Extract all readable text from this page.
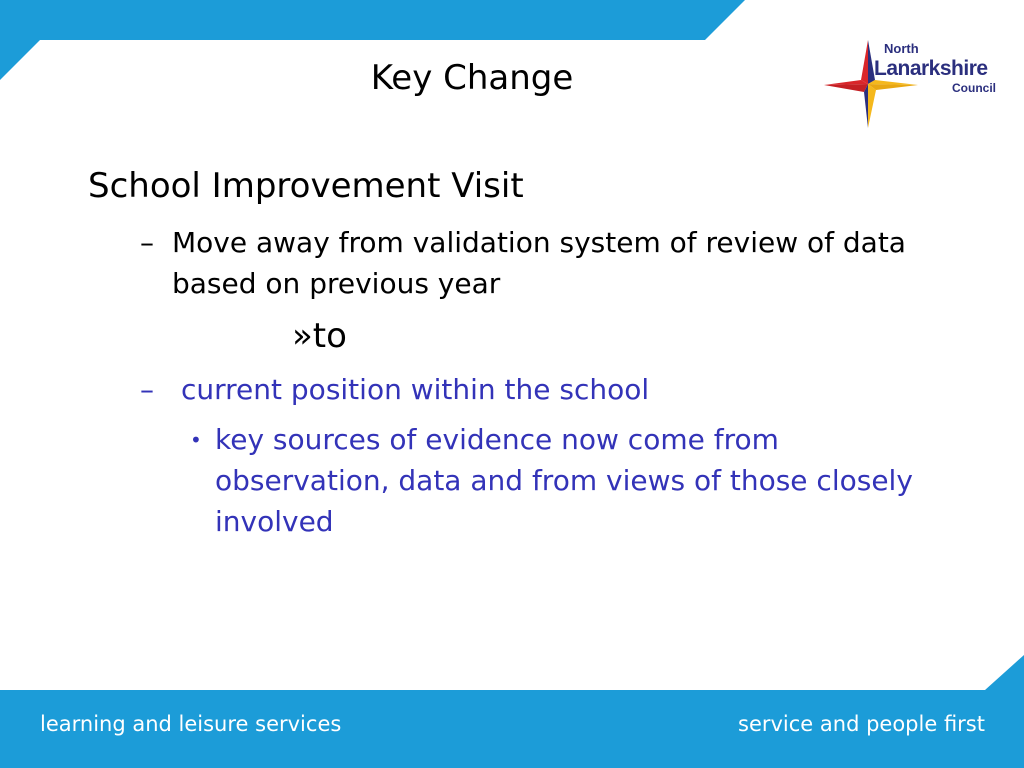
North
Lanarkshire
Council
Key Change
School Improvement Visit
– Move away from validation system of review of data based on previous year
»to
– current position within the school
• key sources of evidence now come from observation, data and from views of those closely involved
learning and leisure services	service and people first
